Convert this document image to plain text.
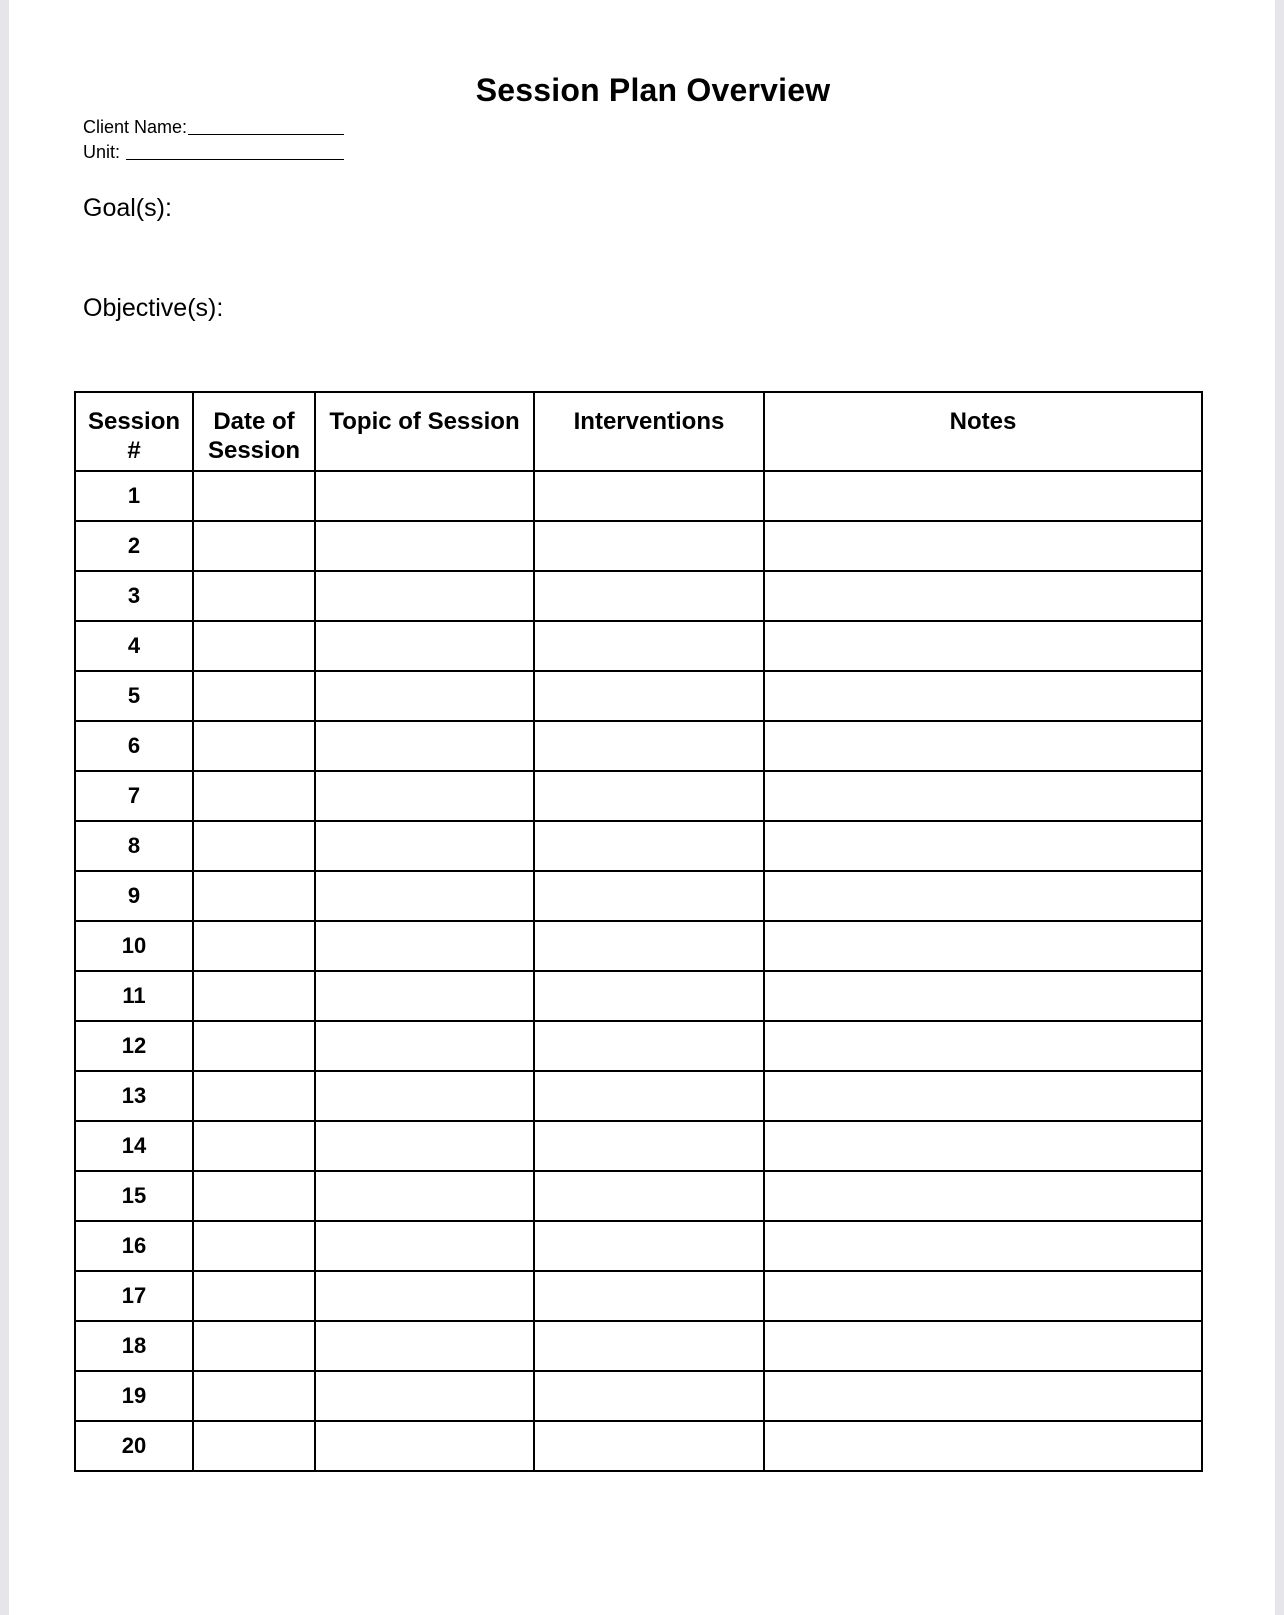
Session Plan Overview
Client Name:
Unit:
Goal(s):
Objective(s):
Session #	Date of Session	Topic of Session	Interventions	Notes
1				
2				
3				
4				
5				
6				
7				
8				
9				
10				
11				
12				
13				
14				
15				
16				
17				
18				
19				
20				
